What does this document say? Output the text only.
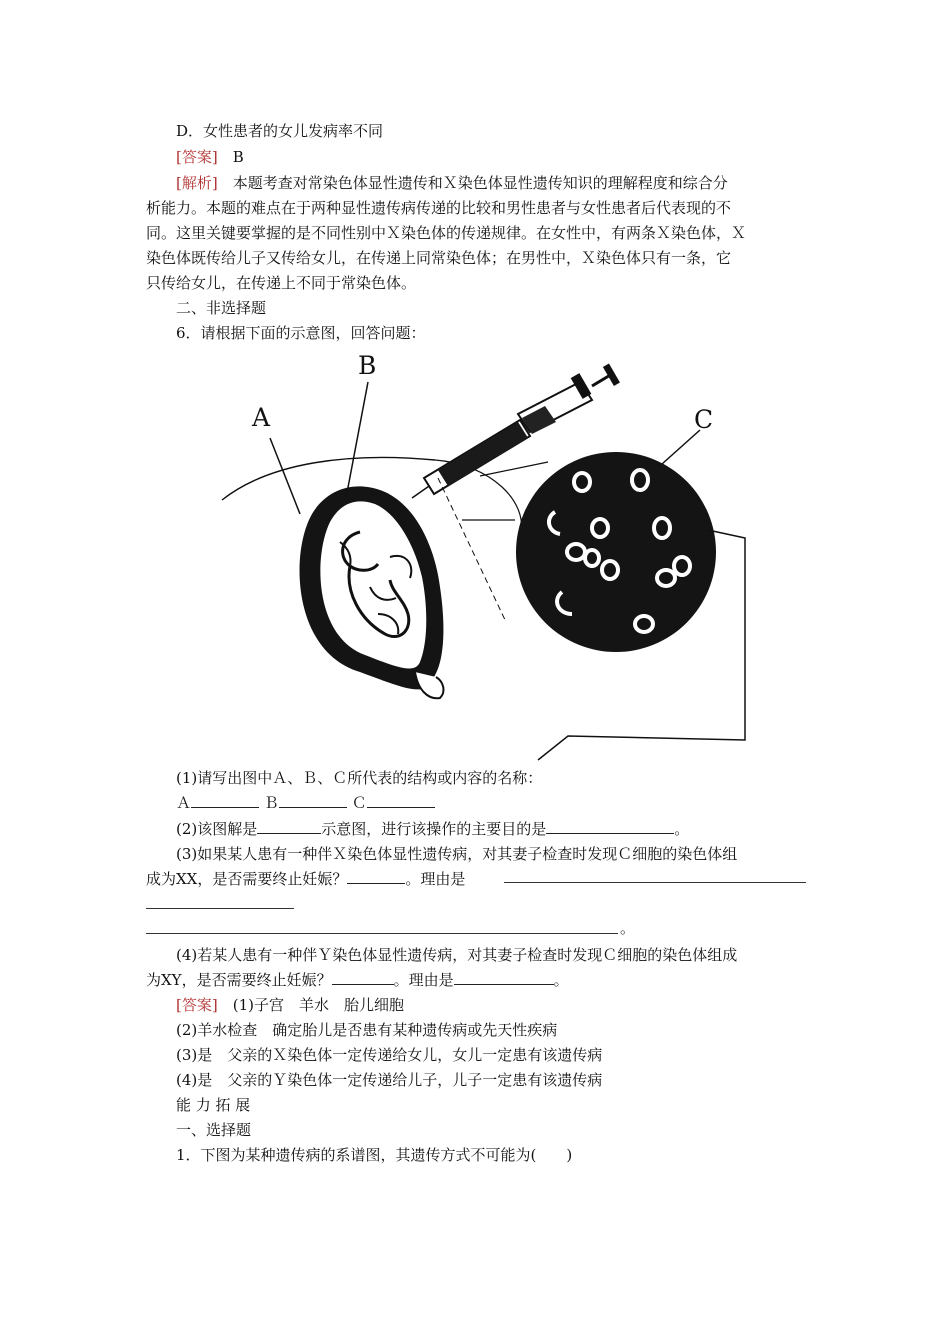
D．女性患者的女儿发病率不同
[答案]　 B
[解析]　 本题考查对常染色体显性遗传和Ｘ染色体显性遗传知识的理解程度和综合分
析能力。本题的难点在于两种显性遗传病传递的比较和男性患者与女性患者后代表现的不
同。这里关键要掌握的是不同性别中Ｘ染色体的传递规律。在女性中，有两条Ｘ染色体，Ｘ
染色体既传给儿子又传给女儿，在传递上同常染色体；在男性中，Ｘ染色体只有一条，它
只传给女儿，在传递上不同于常染色体。
二、非选择题
6．请根据下面的示意图，回答问题：
A
B
C
(1)请写出图中Ａ、Ｂ、Ｃ所代表的结构或内容的名称：
Ａ	Ｂ	Ｃ
(2)该图解是	示意图，进行该操作的主要目的是	。
(3)如果某人患有一种伴Ｘ染色体显性遗传病，对其妻子检查时发现Ｃ细胞的染色体组
成为XX，是否需要终止妊娠？	。理由是
。
(4)若某人患有一种伴Ｙ染色体显性遗传病，对其妻子检查时发现Ｃ细胞的染色体组成
为XY，是否需要终止妊娠？	。理由是	。
[答案]　 (1)子宫　羊水　胎儿细胞
(2)羊水检查　确定胎儿是否患有某种遗传病或先天性疾病
(3)是　父亲的Ｘ染色体一定传递给女儿，女儿一定患有该遗传病
(4)是　父亲的Ｙ染色体一定传递给儿子，儿子一定患有该遗传病
能 力 拓 展
一、选择题
1．下图为某种遗传病的系谱图，其遗传方式不可能为(　　)
